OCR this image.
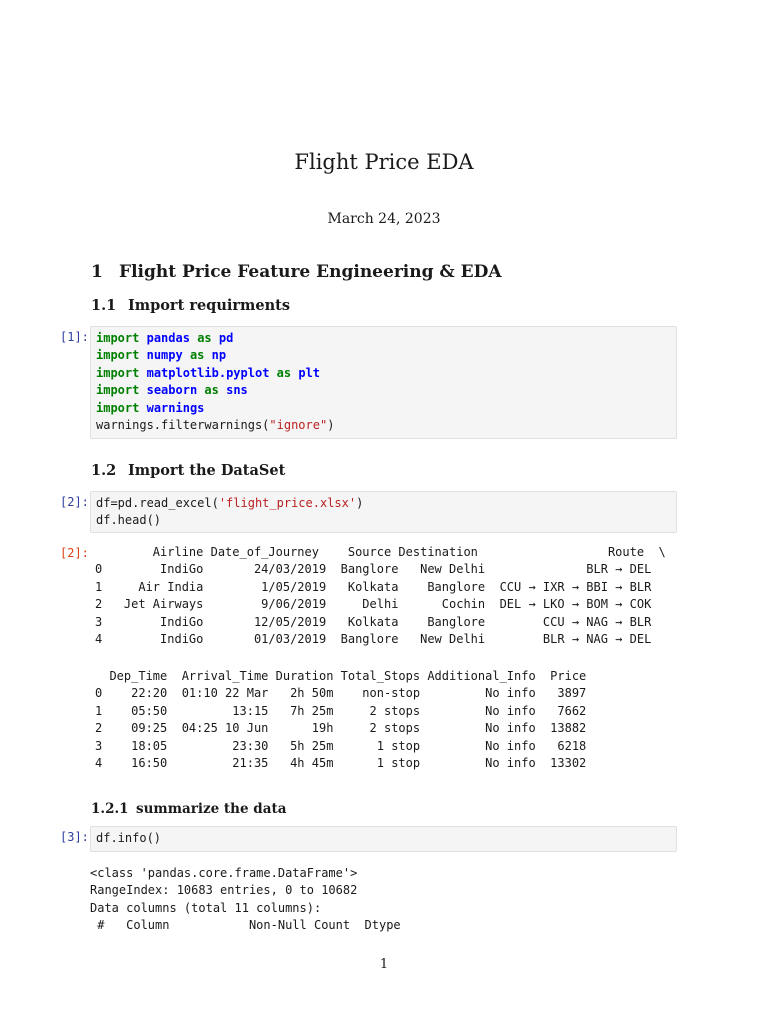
Flight Price EDA
March 24, 2023
1 Flight Price Feature Engineering & EDA
1.1 Import requirments
[1]: import pandas as pd
import numpy as np
import matplotlib.pyplot as plt
import seaborn as sns
import warnings
warnings.filterwarnings("ignore")
1.2 Import the DataSet
[2]: df=pd.read_excel('flight_price.xlsx')
df.head()
[2]:	Airline Date_of_Journey    Source Destination                  Route  \
0        IndiGo       24/03/2019  Banglore   New Delhi              BLR → DEL
1     Air India        1/05/2019   Kolkata    Banglore  CCU → IXR → BBI → BLR
2   Jet Airways        9/06/2019     Delhi      Cochin  DEL → LKO → BOM → COK
3        IndiGo       12/05/2019   Kolkata    Banglore        CCU → NAG → BLR
4        IndiGo       01/03/2019  Banglore   New Delhi        BLR → NAG → DEL
Dep_Time  Arrival_Time Duration Total_Stops Additional_Info  Price
0    22:20  01:10 22 Mar   2h 50m    non-stop         No info   3897
1    05:50         13:15   7h 25m     2 stops         No info   7662
2    09:25  04:25 10 Jun      19h     2 stops         No info  13882
3    18:05         23:30   5h 25m      1 stop         No info   6218
4    16:50         21:35   4h 45m      1 stop         No info  13302
1.2.1 summarize the data
[3]: df.info()
<class 'pandas.core.frame.DataFrame'>
RangeIndex: 10683 entries, 0 to 10682
Data columns (total 11 columns):
#   Column           Non-Null Count  Dtype
1
